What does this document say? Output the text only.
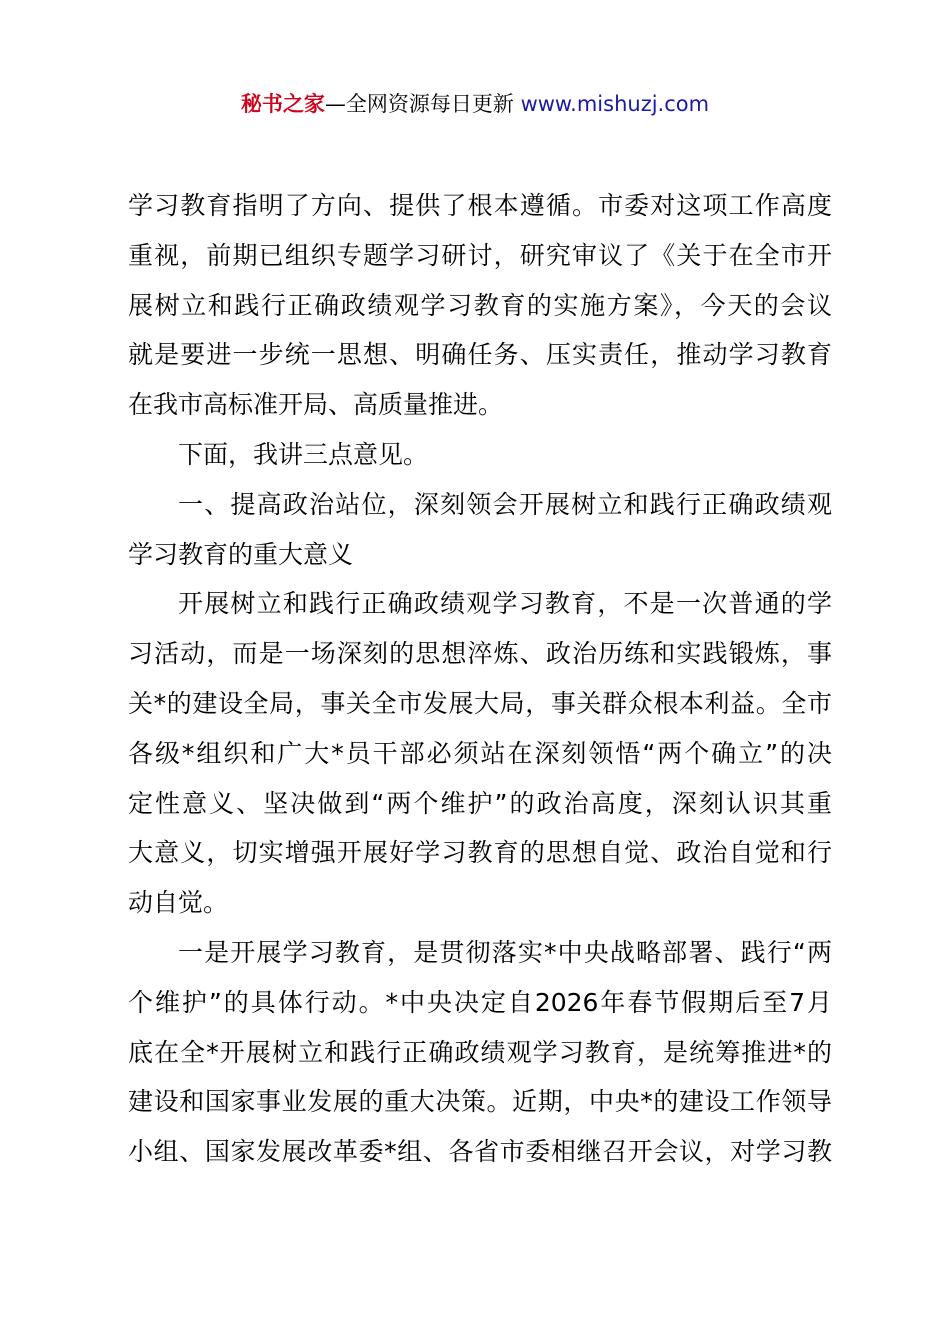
秘书之家—全网资源每日更新 www.mishuzj.com
学习教育指明了方向、提供了根本遵循。市委对这项工作高度
重视，前期已组织专题学习研讨，研究审议了《关于在全市开
展树立和践行正确政绩观学习教育的实施方案》，今天的会议
就是要进一步统一思想、明确任务、压实责任，推动学习教育
在我市高标准开局、高质量推进。
下面，我讲三点意见。
一、提高政治站位，深刻领会开展树立和践行正确政绩观
学习教育的重大意义
开展树立和践行正确政绩观学习教育，不是一次普通的学
习活动，而是一场深刻的思想淬炼、政治历练和实践锻炼，事
关*的建设全局，事关全市发展大局，事关群众根本利益。全市
各级*组织和广大*员干部必须站在深刻领悟“两个确立”的决
定性意义、坚决做到“两个维护”的政治高度，深刻认识其重
大意义，切实增强开展好学习教育的思想自觉、政治自觉和行
动自觉。
一是开展学习教育，是贯彻落实*中央战略部署、践行“两
个维护”的具体行动。*中央决定自2026年春节假期后至7月
底在全*开展树立和践行正确政绩观学习教育，是统筹推进*的
建设和国家事业发展的重大决策。近期，中央*的建设工作领导
小组、国家发展改革委*组、各省市委相继召开会议，对学习教
